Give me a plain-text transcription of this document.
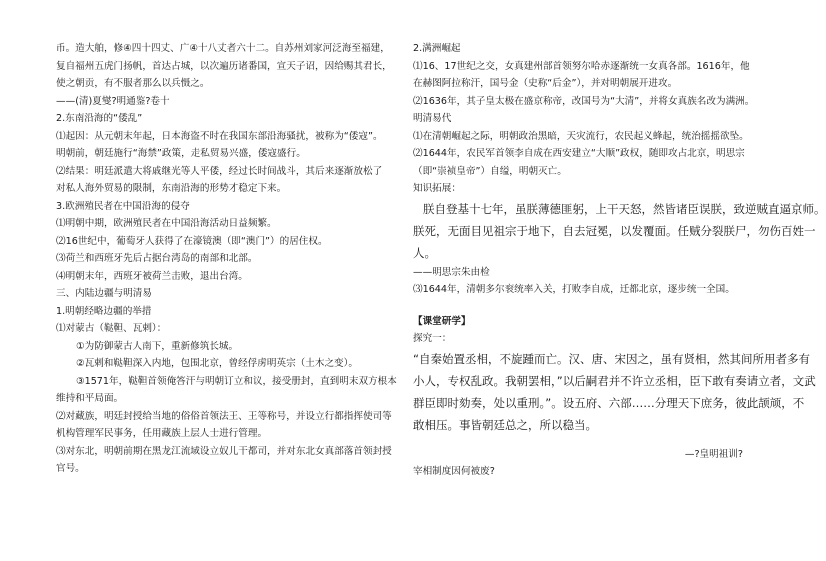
币。造大舶，修④四十四丈、广④十八丈者六十二。自苏州刘家河泛海至福建，
复自福州五虎门扬帆，首达占城，以次遍历诸番国，宣天子诏，因给赐其君长，
使之朝贡，有不服者那么以兵慑之。
——(清)夏燮?明通鉴?卷十
2.东南沿海的“倭乱”
⑴起因：从元朝末年起，日本海盗不时在我国东部沿海骚扰，被称为“倭寇”。
明朝前，朝廷施行“海禁”政策，走私贸易兴盛，倭寇盛行。
⑵结果：明廷派遣大将戚继光等人平倭，经过长时间战斗，其后来逐渐放松了
对私人海外贸易的限制，东南沿海的形势才稳定下来。
3.欧洲殖民者在中国沿海的侵夺
⑴明朝中期，欧洲殖民者在中国沿海活动日益频繁。
⑵16世纪中，葡萄牙人获得了在濠镜澳（即“澳门”）的居住权。
⑶荷兰和西班牙先后占据台湾岛的南部和北部。
⑷明朝末年，西班牙被荷兰击败，退出台湾。
三、内陆边疆与明清易
1.明朝经略边疆的举措
⑴对蒙古（鞑靼、瓦剌）：
①为防御蒙古人南下，重新修筑长城。
②瓦剌和鞑靼深入内地，包围北京，曾经俘虏明英宗（土木之变）。
③1571年，鞑靼首领俺答汗与明朝订立和议，接受册封，直到明末双方根本
维持和平局面。
⑵对藏族，明廷封授给当地的俗俗首领法王、王等称号，并设立行都指挥使司等
机构管理军民事务，任用藏族上层人士进行管理。
⑶对东北，明朝前期在黑龙江流域设立奴儿干都司，并对东北女真部落首领封授
官号。
2.满洲崛起
⑴16、17世纪之交，女真建州部首领努尔哈赤逐渐统一女真各部。1616年，他
在赫图阿拉称汗，国号金（史称“后金”），并对明朝展开进攻。
⑵1636年，其子皇太极在盛京称帝，改国号为“大清”，并将女真族名改为满洲。
明清易代
⑴在清朝崛起之际，明朝政治黑暗，天灾流行，农民起义蜂起，统治摇摇欲坠。
⑵1644年，农民军首领李自成在西安建立“大顺”政权，随即攻占北京，明思宗
（即“崇祯皇帝”）自缢，明朝灭亡。
知识拓展：
朕自登基十七年，虽朕薄德匪躬，上干天怒，然皆诸臣误朕，致逆贼直逼京师。
朕死，无面目见祖宗于地下，自去冠冕，以发覆面。任贼分裂朕尸，勿伤百姓一
人。
——明思宗朱由检
⑶1644年，清朝多尔衮统率入关，打败李自成，迁都北京，逐步统一全国。
【课堂研学】
探究一：
“自秦始置丞相，不旋踵而亡。汉、唐、宋因之，虽有贤相，然其间所用者多有
小人，专权乱政。我朝罢相，”以后嗣君并不许立丞相，臣下敢有奏请立者，文武
群臣即时劾奏，处以重刑。”。设五府、六部……分理天下庶务，彼此颉颃，不
敢相压。事皆朝廷总之，所以稳当。
—?皇明祖训?
宰相制度因何被废?
